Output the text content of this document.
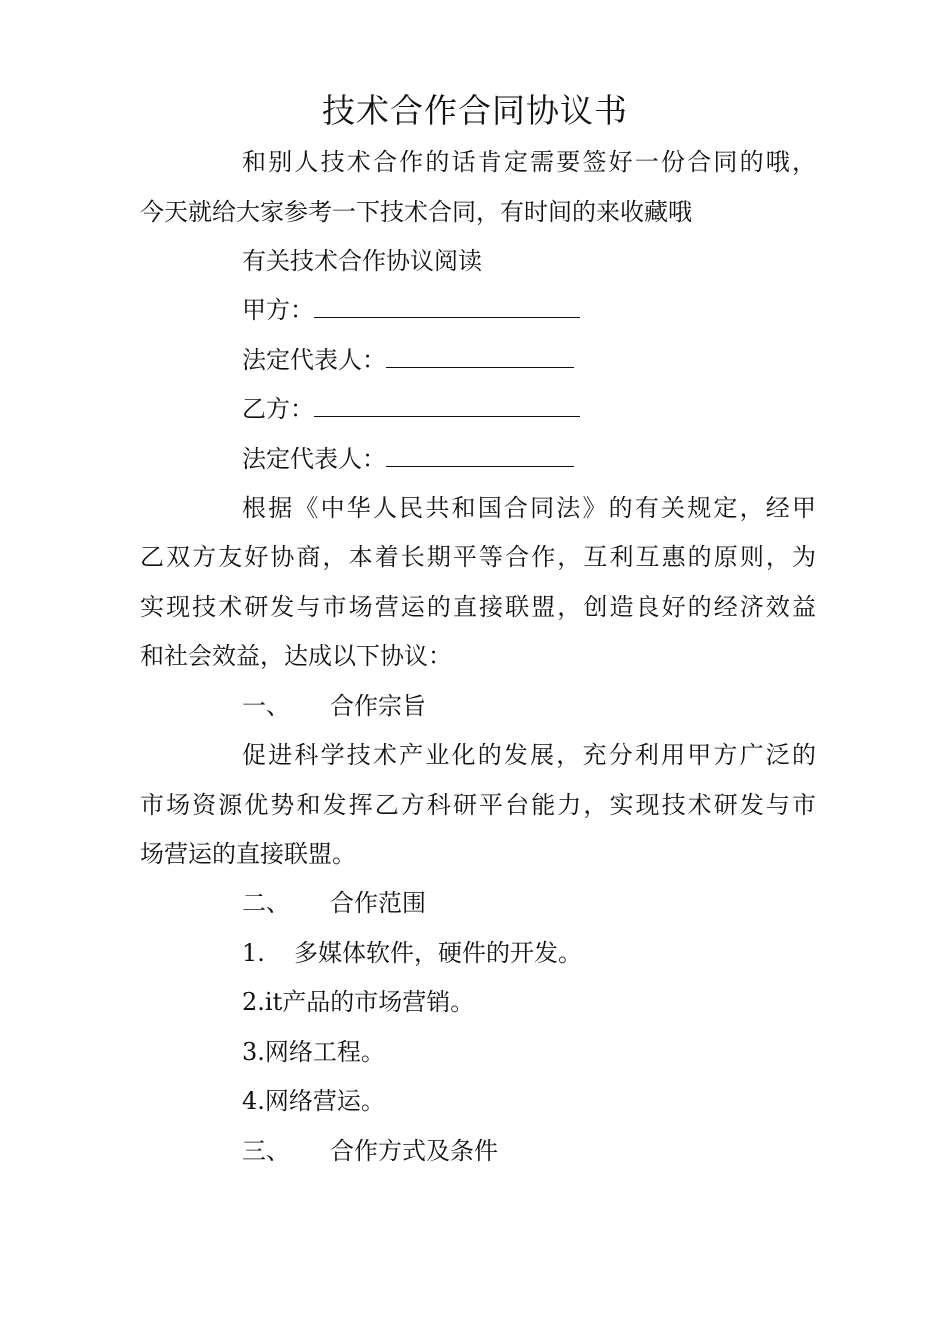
技术合作合同协议书
和别人技术合作的话肯定需要签好一份合同的哦，
今天就给大家参考一下技术合同，有时间的来收藏哦
有关技术合作协议阅读
甲方：
法定代表人：
乙方：
法定代表人：
根据《中华人民共和国合同法》的有关规定，经甲
乙双方友好协商，本着长期平等合作，互利互惠的原则，为
实现技术研发与市场营运的直接联盟，创造良好的经济效益
和社会效益，达成以下协议：
一、 合作宗旨
促进科学技术产业化的发展，充分利用甲方广泛的
市场资源优势和发挥乙方科研平台能力，实现技术研发与市
场营运的直接联盟。
二、 合作范围
1. 多媒体软件，硬件的开发。
2.it产品的市场营销。
3.网络工程。
4.网络营运。
三、 合作方式及条件
